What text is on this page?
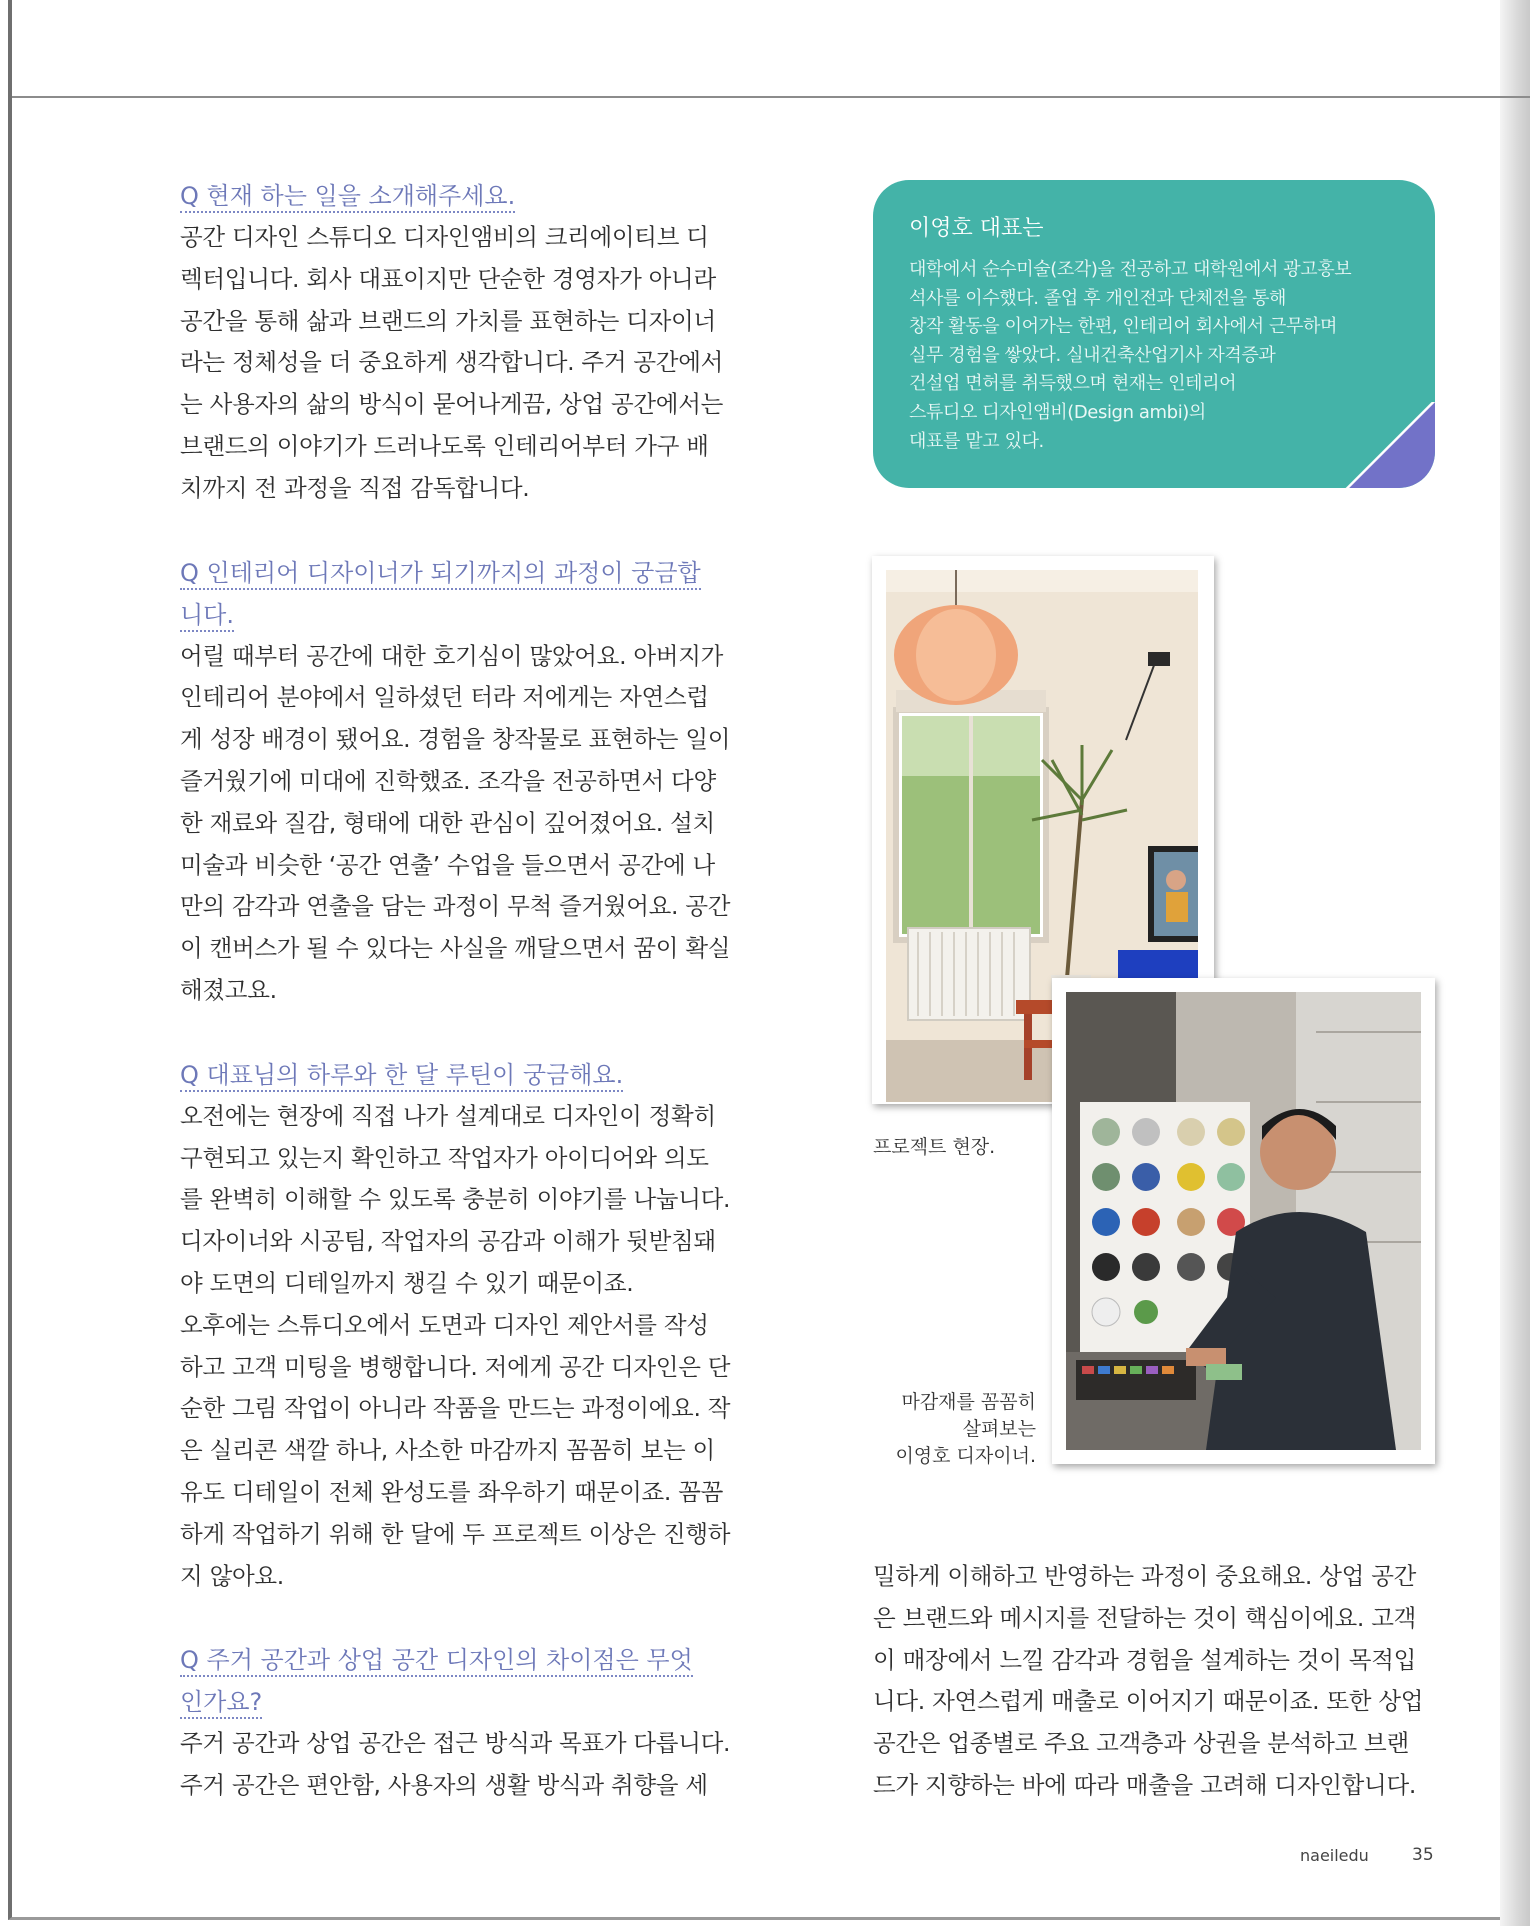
Q 현재 하는 일을 소개해주세요.

공간 디자인 스튜디오 디자인앰비의 크리에이티브 디
렉터입니다. 회사 대표이지만 단순한 경영자가 아니라
공간을 통해 삶과 브랜드의 가치를 표현하는 디자이너
라는 정체성을 더 중요하게 생각합니다. 주거 공간에서
는 사용자의 삶의 방식이 묻어나게끔, 상업 공간에서는
브랜드의 이야기가 드러나도록 인테리어부터 가구 배
치까지 전 과정을 직접 감독합니다.

Q 인테리어 디자이너가 되기까지의 과정이 궁금합
니다.

어릴 때부터 공간에 대한 호기심이 많았어요. 아버지가
인테리어 분야에서 일하셨던 터라 저에게는 자연스럽
게 성장 배경이 됐어요. 경험을 창작물로 표현하는 일이
즐거웠기에 미대에 진학했죠. 조각을 전공하면서 다양
한 재료와 질감, 형태에 대한 관심이 깊어졌어요. 설치
미술과 비슷한 ‘공간 연출’ 수업을 들으면서 공간에 나
만의 감각과 연출을 담는 과정이 무척 즐거웠어요. 공간
이 캔버스가 될 수 있다는 사실을 깨달으면서 꿈이 확실
해졌고요.

Q 대표님의 하루와 한 달 루틴이 궁금해요.

오전에는 현장에 직접 나가 설계대로 디자인이 정확히
구현되고 있는지 확인하고 작업자가 아이디어와 의도
를 완벽히 이해할 수 있도록 충분히 이야기를 나눕니다.
디자이너와 시공팀, 작업자의 공감과 이해가 뒷받침돼
야 도면의 디테일까지 챙길 수 있기 때문이죠.
오후에는 스튜디오에서 도면과 디자인 제안서를 작성
하고 고객 미팅을 병행합니다. 저에게 공간 디자인은 단
순한 그림 작업이 아니라 작품을 만드는 과정이에요. 작
은 실리콘 색깔 하나, 사소한 마감까지 꼼꼼히 보는 이
유도 디테일이 전체 완성도를 좌우하기 때문이죠. 꼼꼼
하게 작업하기 위해 한 달에 두 프로젝트 이상은 진행하
지 않아요.

Q 주거 공간과 상업 공간 디자인의 차이점은 무엇
인가요?

주거 공간과 상업 공간은 접근 방식과 목표가 다릅니다.
주거 공간은 편안함, 사용자의 생활 방식과 취향을 세

이영호 대표는

대학에서 순수미술(조각)을 전공하고 대학원에서 광고홍보
석사를 이수했다. 졸업 후 개인전과 단체전을 통해
창작 활동을 이어가는 한편, 인테리어 회사에서 근무하며
실무 경험을 쌓았다. 실내건축산업기사 자격증과
건설업 면허를 취득했으며 현재는 인테리어
스튜디오 디자인앰비(Design ambi)의
대표를 맡고 있다.

프로젝트 현장.
마감재를 꼼꼼히
살펴보는
이영호 디자이너.

밀하게 이해하고 반영하는 과정이 중요해요. 상업 공간
은 브랜드와 메시지를 전달하는 것이 핵심이에요. 고객
이 매장에서 느낄 감각과 경험을 설계하는 것이 목적입
니다. 자연스럽게 매출로 이어지기 때문이죠. 또한 상업
공간은 업종별로 주요 고객층과 상권을 분석하고 브랜
드가 지향하는 바에 따라 매출을 고려해 디자인합니다.

naeiledu	35
